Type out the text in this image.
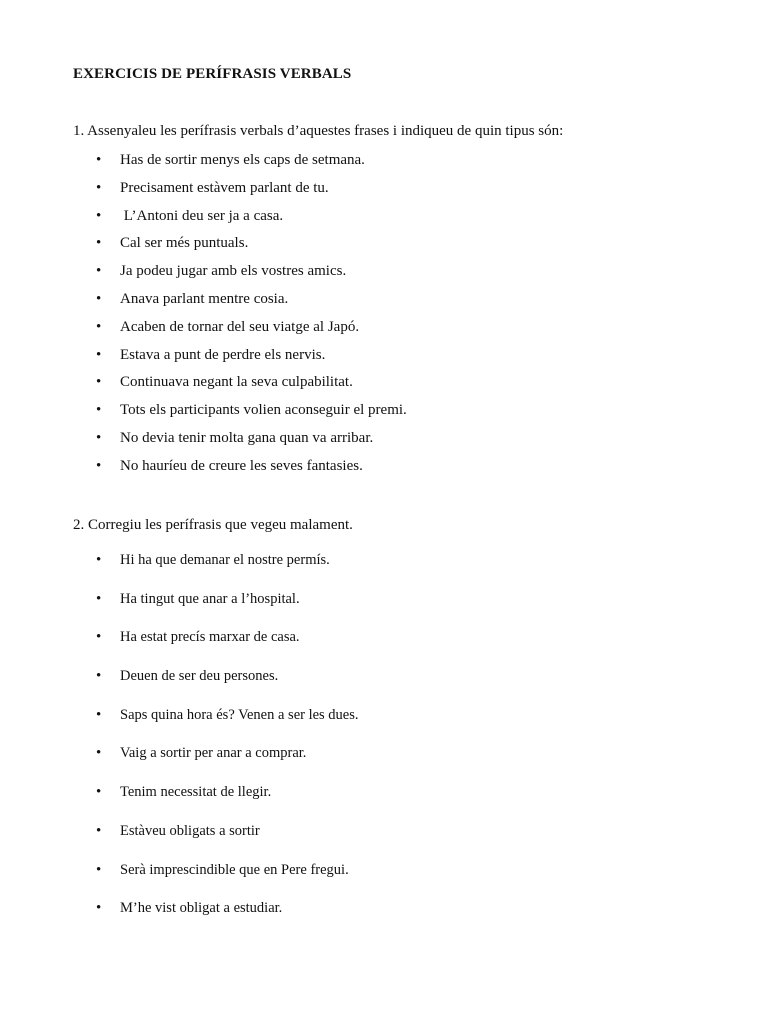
EXERCICIS DE PERÍFRASIS VERBALS
1. Assenyaleu les perífrasis verbals d’aquestes frases i indiqueu de quin tipus són:
• Has de sortir menys els caps de setmana.
• Precisament estàvem parlant de tu.
• L’Antoni deu ser ja a casa.
• Cal ser més puntuals.
• Ja podeu jugar amb els vostres amics.
• Anava parlant mentre cosia.
• Acaben de tornar del seu viatge al Japó.
• Estava a punt de perdre els nervis.
• Continuava negant la seva culpabilitat.
• Tots els participants volien aconseguir el premi.
• No devia tenir molta gana quan va arribar.
• No hauríeu de creure les seves fantasies.
2. Corregiu les perífrasis que vegeu malament.
• Hi ha que demanar el nostre permís.
• Ha tingut que anar a l’hospital.
• Ha estat precís marxar de casa.
• Deuen de ser deu persones.
• Saps quina hora és? Venen a ser les dues.
• Vaig a sortir per anar a comprar.
• Tenim necessitat de llegir.
• Estàveu obligats a sortir
• Serà imprescindible que en Pere fregui.
• M’he vist obligat a estudiar.
